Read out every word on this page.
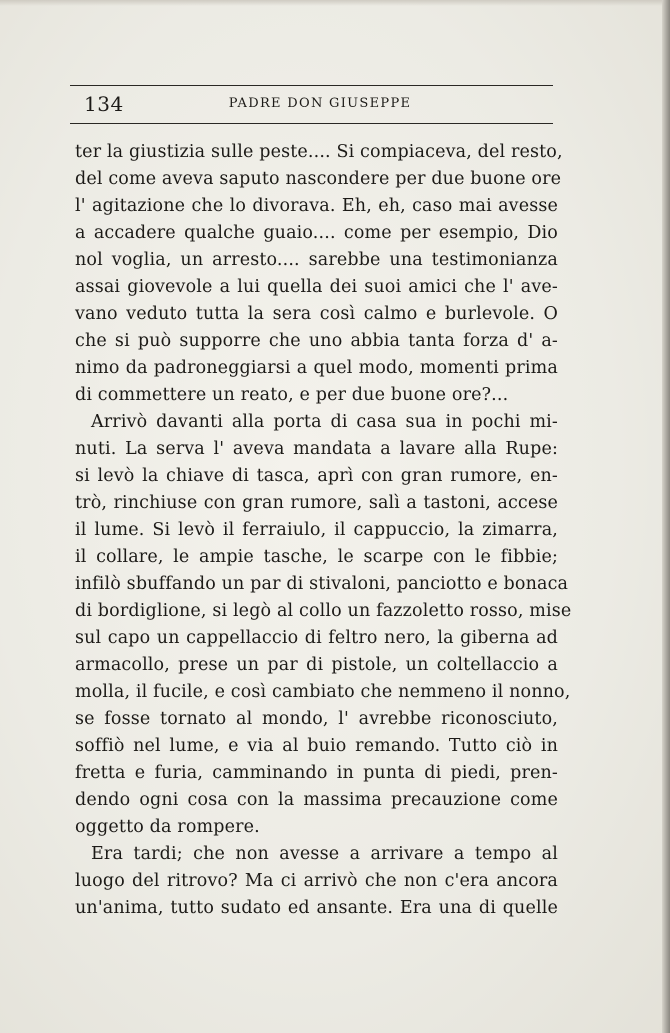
134	PADRE DON GIUSEPPE
ter la giustizia sulle peste.... Si compiaceva, del resto,
del come aveva saputo nascondere per due buone ore
l' agitazione che lo divorava. Eh, eh, caso mai avesse
a accadere qualche guaio.... come per esempio, Dio
nol voglia, un arresto.... sarebbe una testimonianza
assai giovevole a lui quella dei suoi amici che l' ave-
vano veduto tutta la sera così calmo e burlevole. O
che si può supporre che uno abbia tanta forza d' a-
nimo da padroneggiarsi a quel modo, momenti prima
di commettere un reato, e per due buone ore?...
Arrivò davanti alla porta di casa sua in pochi mi-
nuti. La serva l' aveva mandata a lavare alla Rupe:
si levò la chiave di tasca, aprì con gran rumore, en-
trò, rinchiuse con gran rumore, salì a tastoni, accese
il lume. Si levò il ferraiulo, il cappuccio, la zimarra,
il collare, le ampie tasche, le scarpe con le fibbie;
infilò sbuffando un par di stivaloni, panciotto e bonaca
di bordiglione, si legò al collo un fazzoletto rosso, mise
sul capo un cappellaccio di feltro nero, la giberna ad
armacollo, prese un par di pistole, un coltellaccio a
molla, il fucile, e così cambiato che nemmeno il nonno,
se fosse tornato al mondo, l' avrebbe riconosciuto,
soffiò nel lume, e via al buio remando. Tutto ciò in
fretta e furia, camminando in punta di piedi, pren-
dendo ogni cosa con la massima precauzione come
oggetto da rompere.
Era tardi; che non avesse a arrivare a tempo al
luogo del ritrovo? Ma ci arrivò che non c'era ancora
un'anima, tutto sudato ed ansante. Era una di quelle
